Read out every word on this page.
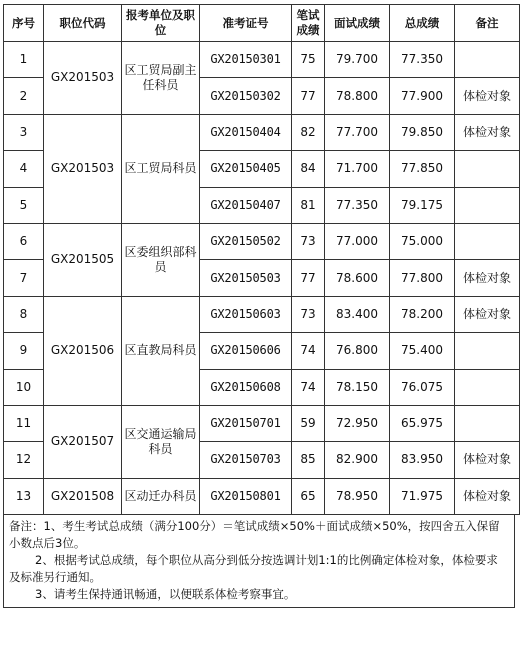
序号	职位代码	报考单位及职位	准考证号	笔试成绩	面试成绩	总成绩	备注
1	GX201503	区工贸局副主任科员	GX20150301	75	79.700	77.350	
2			GX20150302	77	78.800	77.900	体检对象
3	GX201503	区工贸局科员	GX20150404	82	77.700	79.850	体检对象
4			GX20150405	84	71.700	77.850	
5			GX20150407	81	77.350	79.175	
6	GX201505	区委组织部科员	GX20150502	73	77.000	75.000	
7			GX20150503	77	78.600	77.800	体检对象
8	GX201506	区直教局科员	GX20150603	73	83.400	78.200	体检对象
9			GX20150606	74	76.800	75.400	
10			GX20150608	74	78.150	76.075	
11	GX201507	区交通运输局科员	GX20150701	59	72.950	65.975	
12			GX20150703	85	82.900	83.950	体检对象
13	GX201508	区动迁办科员	GX20150801	65	78.950	71.975	体检对象

备注：1、考生考试总成绩（满分100分）＝笔试成绩×50%＋面试成绩×50%，按四舍五入保留小数点后3位。

2、根据考试总成绩，每个职位从高分到低分按选调计划1:1的比例确定体检对象，体检要求及标准另行通知。

3、请考生保持通讯畅通，以便联系体检考察事宜。
